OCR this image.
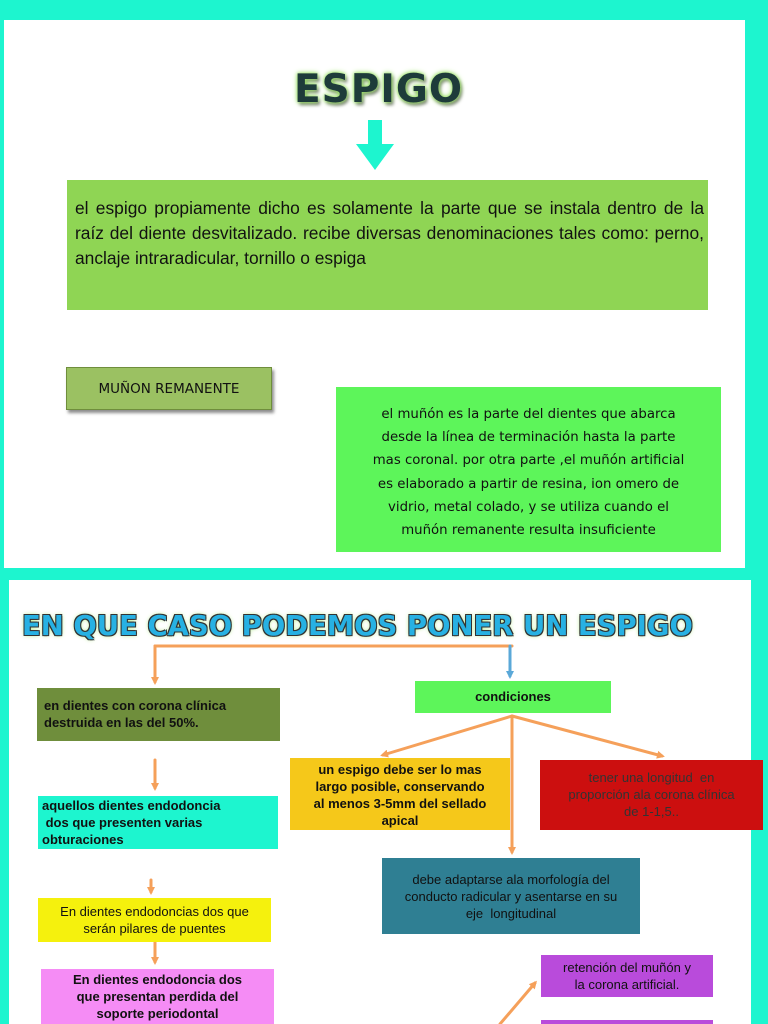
ESPIGO
el espigo propiamente dicho es solamente la parte que se instala dentro de la raíz del diente desvitalizado. recibe diversas denominaciones tales como: perno, anclaje intraradicular, tornillo o espiga
MUÑON REMANENTE
el muñón es la parte del dientes que abarca
desde la línea de terminación hasta la parte
mas coronal. por otra parte ,el muñón artificial
es elaborado a partir de resina, ion omero de
vidrio, metal colado, y se utiliza cuando el
muñón remanente resulta insuficiente
EN QUE CASO PODEMOS PONER UN ESPIGO
en dientes con corona clínica
destruida en las del 50%.
aquellos dientes endodoncia
dos que presenten varias
obturaciones
En dientes endodoncias dos que
serán pilares de puentes
En dientes endodoncia dos
que presentan perdida del
soporte periodontal
condiciones
un espigo debe ser lo mas
largo posible, conservando
al menos 3-5mm del sellado
apical
tener una longitud  en
proporción ala corona clínica
de 1-1,5..
debe adaptarse ala morfología del
conducto radicular y asentarse en su
eje  longitudinal
retención del muñón y
la corona artificial.
